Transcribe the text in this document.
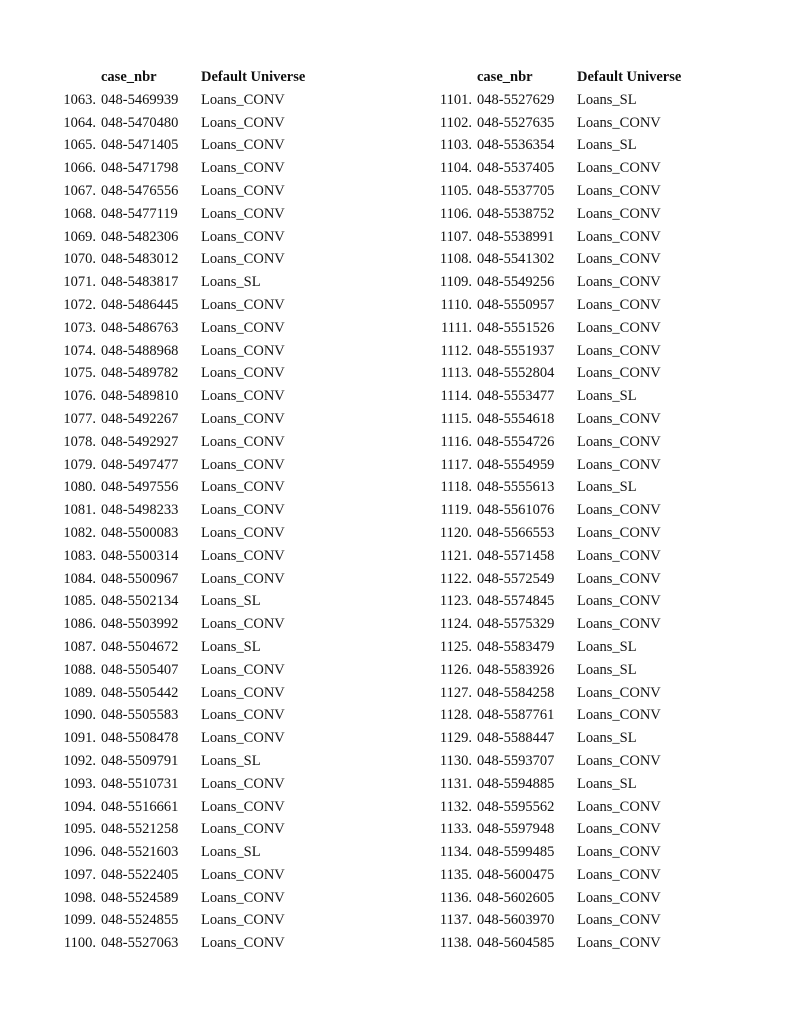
	case_nbr	Default Universe
1063.	048-5469939	Loans_CONV
1064.	048-5470480	Loans_CONV
1065.	048-5471405	Loans_CONV
1066.	048-5471798	Loans_CONV
1067.	048-5476556	Loans_CONV
1068.	048-5477119	Loans_CONV
1069.	048-5482306	Loans_CONV
1070.	048-5483012	Loans_CONV
1071.	048-5483817	Loans_SL
1072.	048-5486445	Loans_CONV
1073.	048-5486763	Loans_CONV
1074.	048-5488968	Loans_CONV
1075.	048-5489782	Loans_CONV
1076.	048-5489810	Loans_CONV
1077.	048-5492267	Loans_CONV
1078.	048-5492927	Loans_CONV
1079.	048-5497477	Loans_CONV
1080.	048-5497556	Loans_CONV
1081.	048-5498233	Loans_CONV
1082.	048-5500083	Loans_CONV
1083.	048-5500314	Loans_CONV
1084.	048-5500967	Loans_CONV
1085.	048-5502134	Loans_SL
1086.	048-5503992	Loans_CONV
1087.	048-5504672	Loans_SL
1088.	048-5505407	Loans_CONV
1089.	048-5505442	Loans_CONV
1090.	048-5505583	Loans_CONV
1091.	048-5508478	Loans_CONV
1092.	048-5509791	Loans_SL
1093.	048-5510731	Loans_CONV
1094.	048-5516661	Loans_CONV
1095.	048-5521258	Loans_CONV
1096.	048-5521603	Loans_SL
1097.	048-5522405	Loans_CONV
1098.	048-5524589	Loans_CONV
1099.	048-5524855	Loans_CONV
1100.	048-5527063	Loans_CONV
	case_nbr	Default Universe
1101.	048-5527629	Loans_SL
1102.	048-5527635	Loans_CONV
1103.	048-5536354	Loans_SL
1104.	048-5537405	Loans_CONV
1105.	048-5537705	Loans_CONV
1106.	048-5538752	Loans_CONV
1107.	048-5538991	Loans_CONV
1108.	048-5541302	Loans_CONV
1109.	048-5549256	Loans_CONV
1110.	048-5550957	Loans_CONV
1111.	048-5551526	Loans_CONV
1112.	048-5551937	Loans_CONV
1113.	048-5552804	Loans_CONV
1114.	048-5553477	Loans_SL
1115.	048-5554618	Loans_CONV
1116.	048-5554726	Loans_CONV
1117.	048-5554959	Loans_CONV
1118.	048-5555613	Loans_SL
1119.	048-5561076	Loans_CONV
1120.	048-5566553	Loans_CONV
1121.	048-5571458	Loans_CONV
1122.	048-5572549	Loans_CONV
1123.	048-5574845	Loans_CONV
1124.	048-5575329	Loans_CONV
1125.	048-5583479	Loans_SL
1126.	048-5583926	Loans_SL
1127.	048-5584258	Loans_CONV
1128.	048-5587761	Loans_CONV
1129.	048-5588447	Loans_SL
1130.	048-5593707	Loans_CONV
1131.	048-5594885	Loans_SL
1132.	048-5595562	Loans_CONV
1133.	048-5597948	Loans_CONV
1134.	048-5599485	Loans_CONV
1135.	048-5600475	Loans_CONV
1136.	048-5602605	Loans_CONV
1137.	048-5603970	Loans_CONV
1138.	048-5604585	Loans_CONV
